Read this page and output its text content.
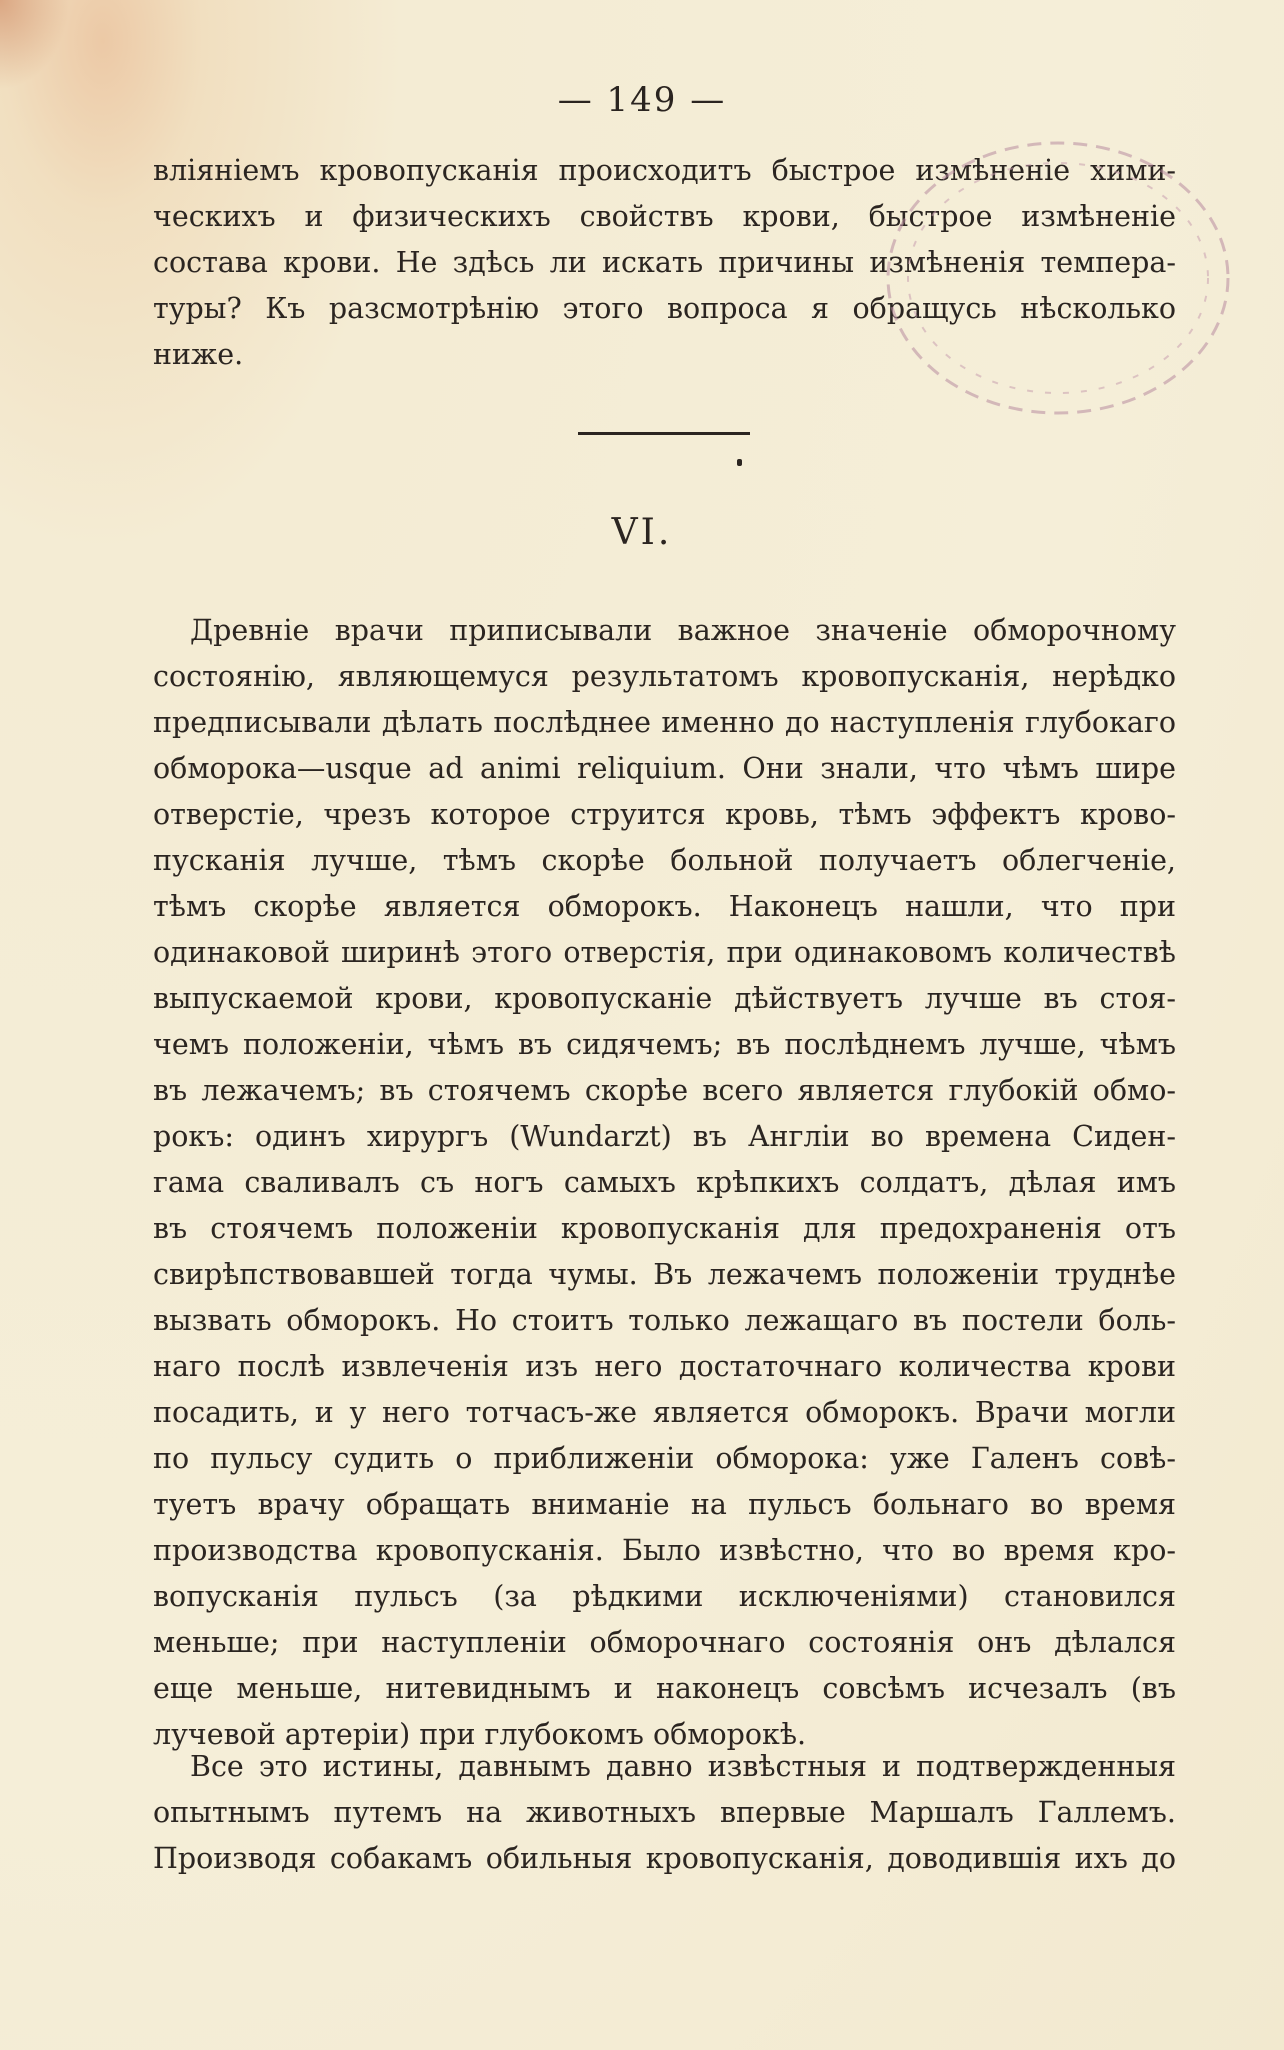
— 149 —
вліяніемъ кровопусканія происходитъ быстрое измѣненіе хими-
ческихъ и физическихъ свойствъ крови, быстрое измѣненіе
состава крови. Не здѣсь ли искать причины измѣненія темпера-
туры? Къ разсмотрѣнію этого вопроса я обращусь нѣсколько
ниже.
VI.
Древніе врачи приписывали важное значеніе обморочному
состоянію, являющемуся результатомъ кровопусканія, нерѣдко
предписывали дѣлать послѣднее именно до наступленія глубокаго
обморока—usque ad animi reliquium. Они знали, что чѣмъ шире
отверстіе, чрезъ которое струится кровь, тѣмъ эффектъ крово-
пусканія лучше, тѣмъ скорѣе больной получаетъ облегченіе,
тѣмъ скорѣе является обморокъ. Наконецъ нашли, что при
одинаковой ширинѣ этого отверстія, при одинаковомъ количествѣ
выпускаемой крови, кровопусканіе дѣйствуетъ лучше въ стоя-
чемъ положеніи, чѣмъ въ сидячемъ; въ послѣднемъ лучше, чѣмъ
въ лежачемъ; въ стоячемъ скорѣе всего является глубокій обмо-
рокъ: одинъ хирургъ (Wundarzt) въ Англіи во времена Сиден-
гама сваливалъ съ ногъ самыхъ крѣпкихъ солдатъ, дѣлая имъ
въ стоячемъ положеніи кровопусканія для предохраненія отъ
свирѣпствовавшей тогда чумы. Въ лежачемъ положеніи труднѣе
вызвать обморокъ. Но стоитъ только лежащаго въ постели боль-
наго послѣ извлеченія изъ него достаточнаго количества крови
посадить, и у него тотчасъ-же является обморокъ. Врачи могли
по пульсу судить о приближеніи обморока: уже Галенъ совѣ-
туетъ врачу обращать вниманіе на пульсъ больнаго во время
производства кровопусканія. Было извѣстно, что во время кро-
вопусканія пульсъ (за рѣдкими исключеніями) становился
меньше; при наступленіи обморочнаго состоянія онъ дѣлался
еще меньше, нитевиднымъ и наконецъ совсѣмъ исчезалъ (въ
лучевой артеріи) при глубокомъ обморокѣ.
Все это истины, давнымъ давно извѣстныя и подтвержденныя
опытнымъ путемъ на животныхъ впервые Маршалъ Галлемъ.
Производя собакамъ обильныя кровопусканія, доводившія ихъ до
